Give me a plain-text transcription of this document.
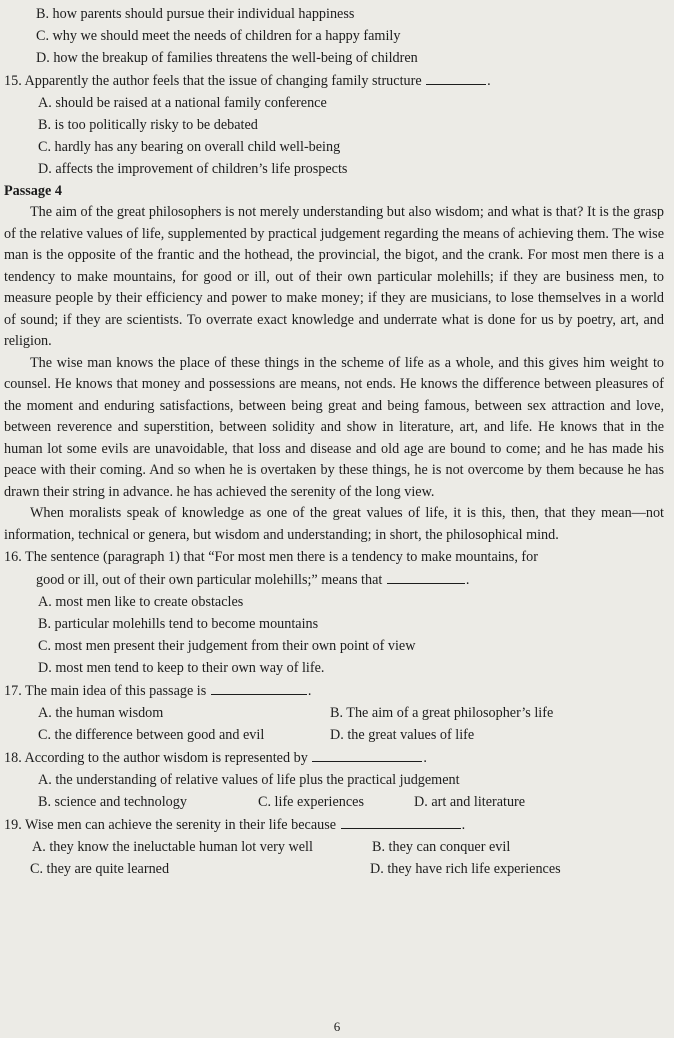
B. how parents should pursue their individual happiness
C. why we should meet the needs of children for a happy family
D. how the breakup of families threatens the well-being of children
15. Apparently the author feels that the issue of changing family structure	.
A. should be raised at a national family conference
B. is too politically risky to be debated
C. hardly has any bearing on overall child well-being
D. affects the improvement of children’s life prospects
Passage 4
The aim of the great philosophers is not merely understanding but also wisdom; and what is that? It is the grasp of the relative values of life, supplemented by practical judgement regarding the means of achieving them. The wise man is the opposite of the frantic and the hothead, the provincial, the bigot, and the crank. For most men there is a tendency to make mountains, for good or ill, out of their own particular molehills; if they are business men, to measure people by their efficiency and power to make money; if they are musicians, to lose themselves in a world of sound; if they are scientists. To overrate exact knowledge and underrate what is done for us by poetry, art, and religion.
The wise man knows the place of these things in the scheme of life as a whole, and this gives him weight to counsel. He knows that money and possessions are means, not ends. He knows the difference between pleasures of the moment and enduring satisfactions, between being great and being famous, between sex attraction and love, between reverence and superstition, between solidity and show in literature, art, and life. He knows that in the human lot some evils are unavoidable, that loss and disease and old age are bound to come; and he has made his peace with their coming. And so when he is overtaken by these things, he is not overcome by them because he has drawn their string in advance. he has achieved the serenity of the long view.
When moralists speak of knowledge as one of the great values of life, it is this, then, that they mean—not information, technical or genera, but wisdom and understanding; in short, the philosophical mind.
16. The sentence (paragraph 1) that “For most men there is a tendency to make mountains, for
good or ill, out of their own particular molehills;” means that	.
A. most men like to create obstacles
B. particular molehills tend to become mountains
C. most men present their judgement from their own point of view
D. most men tend to keep to their own way of life.
17. The main idea of this passage is	.
A. the human wisdom	B. The aim of a great philosopher’s life
C. the difference between good and evil	D. the great values of life
18. According to the author wisdom is represented by	.
A. the understanding of relative values of life plus the practical judgement
B. science and technology	C. life experiences	D. art and literature
19. Wise men can achieve the serenity in their life because	.
A. they know the ineluctable human lot very well	B. they can conquer evil
C. they are quite learned	D. they have rich life experiences
6
